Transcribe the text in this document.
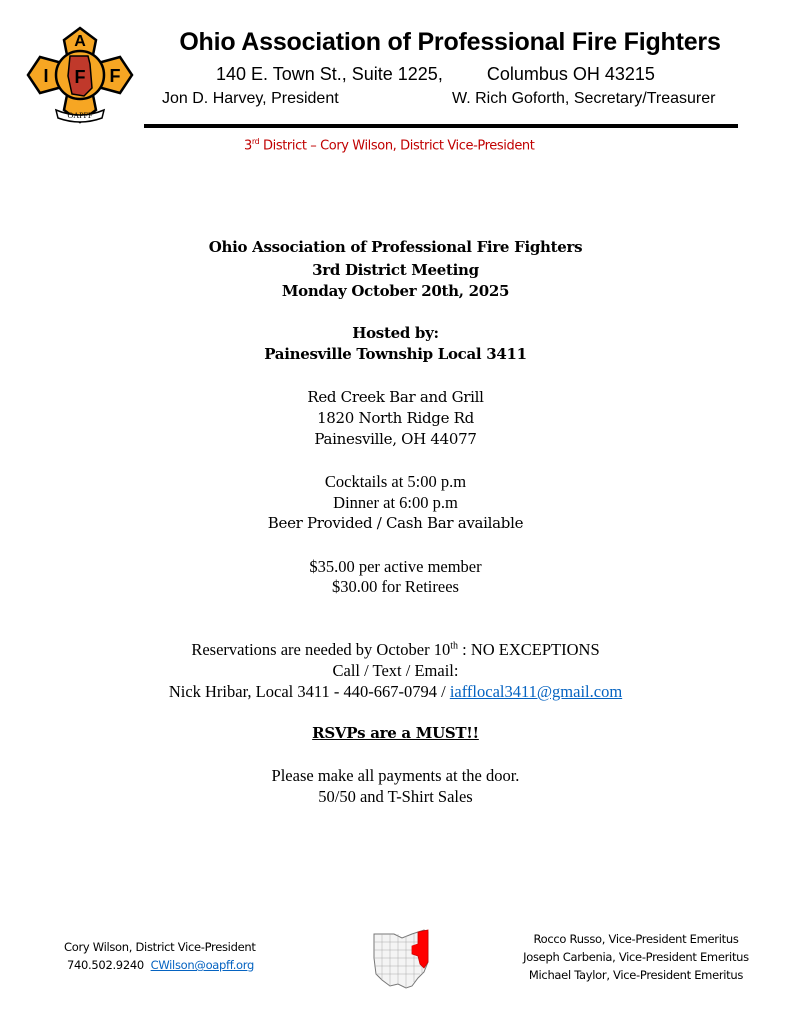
A
I F F
OAPFF
Ohio Association of Professional Fire Fighters
140 E. Town St., Suite 1225, Columbus OH 43215
Jon D. Harvey, President	W. Rich Goforth, Secretary/Treasurer
3rd District – Cory Wilson, District Vice-President
Ohio Association of Professional Fire Fighters
3rd District Meeting
Monday October 20th, 2025
Hosted by:
Painesville Township Local 3411
Red Creek Bar and Grill
1820 North Ridge Rd
Painesville, OH 44077
Cocktails at 5:00 p.m
Dinner at 6:00 p.m
Beer Provided / Cash Bar available
$35.00 per active member
$30.00 for Retirees
Reservations are needed by October 10th : NO EXCEPTIONS
Call / Text / Email:
Nick Hribar, Local 3411 - 440-667-0794 / iafflocal3411@gmail.com
RSVPs are a MUST!!
Please make all payments at the door.
50/50 and T-Shirt Sales
Cory Wilson, District Vice-President
740.502.9240 CWilson@oapff.org
Rocco Russo, Vice-President Emeritus
Joseph Carbenia, Vice-President Emeritus
Michael Taylor, Vice-President Emeritus
